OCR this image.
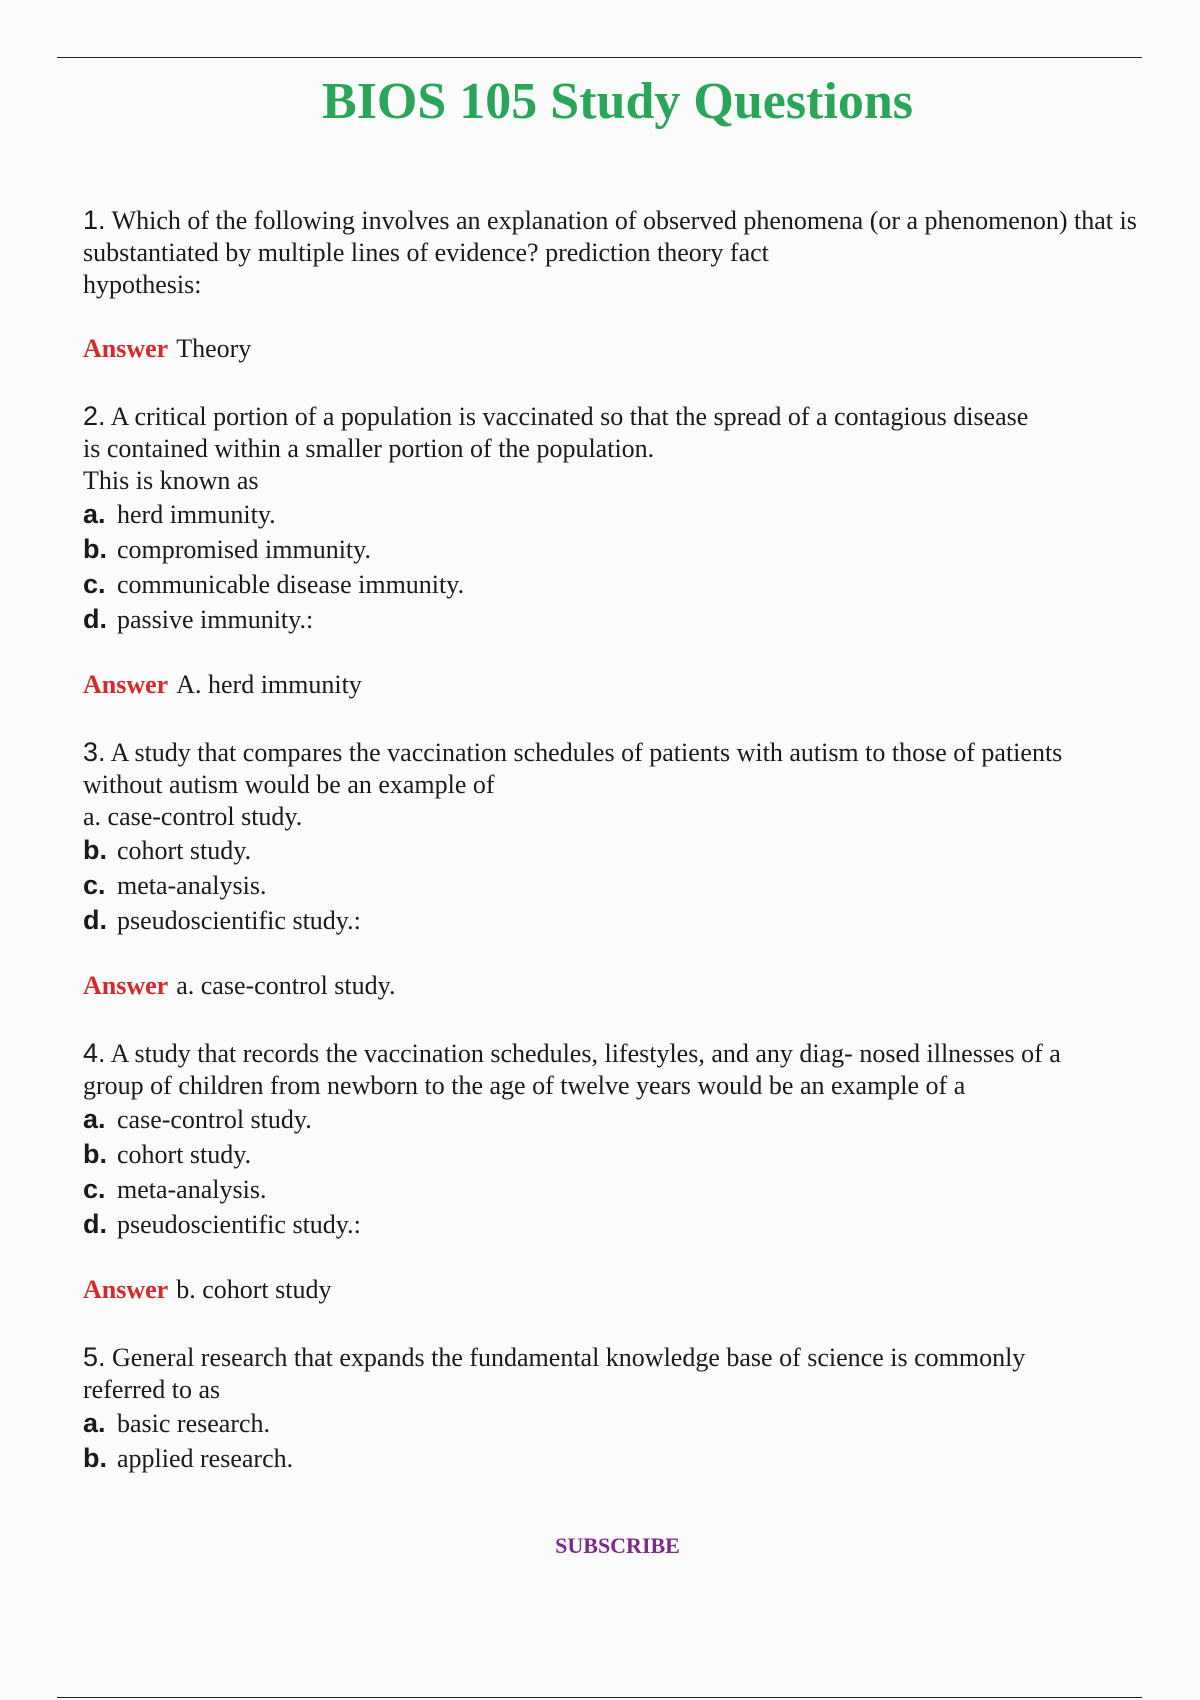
BIOS 105 Study Questions
1. Which of the following involves an explanation of observed phenomena (or a phenomenon) that is
substantiated by multiple lines of evidence? prediction theory fact
hypothesis:
Answer Theory
2. A critical portion of a population is vaccinated so that the spread of a contagious disease
is contained within a smaller portion of the population.
This is known as
a. herd immunity.
b. compromised immunity.
c. communicable disease immunity.
d. passive immunity.:
Answer A. herd immunity
3. A study that compares the vaccination schedules of patients with autism to those of patients
without autism would be an example of
a. case-control study.
b. cohort study.
c. meta-analysis.
d. pseudoscientific study.:
Answer a. case-control study.
4. A study that records the vaccination schedules, lifestyles, and any diag- nosed illnesses of a
group of children from newborn to the age of twelve years would be an example of a
a. case-control study.
b. cohort study.
c. meta-analysis.
d. pseudoscientific study.:
Answer b. cohort study
5. General research that expands the fundamental knowledge base of science is commonly
referred to as
a. basic research.
b. applied research.
SUBSCRIBE
